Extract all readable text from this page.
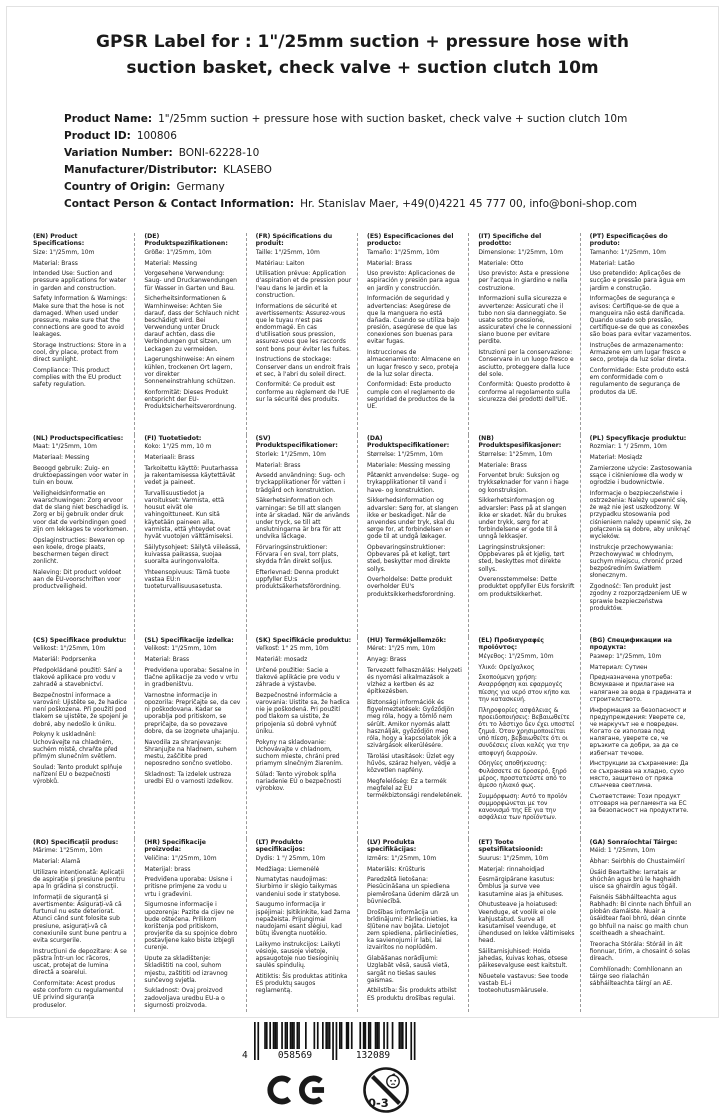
GPSR Label for : 1"/25mm suction + pressure hose with suction basket, check valve + suction clutch 10m
Product Name: 1"/25mm suction + pressure hose with suction basket, check valve + suction clutch 10m
Product ID: 100806
Variation Number: BONI-62228-10
Manufacturer/Distributor: KLASEBO
Country of Origin: Germany
Contact Person & Contact Information: Hr. Stanislav Maer, +49(0)4221 45 777 00, info@boni-shop.com
(EN) Product Specifications:

Size: 1"/25mm, 10m

Material: Brass

Intended Use: Suction and pressure applications for water in garden and construction.

Safety Information & Warnings: Make sure that the hose is not damaged. When used under pressure, make sure that the connections are good to avoid leakages.

Storage Instructions: Store in a cool, dry place, protect from direct sunlight.

Compliance: This product complies with the EU product safety regulation.

(DE) Produktspezifikationen:

Größe: 1"/25mm, 10m

Material: Messing

Vorgesehene Verwendung: Saug- und Druckanwendungen für Wasser in Garten und Bau.

Sicherheitsinformationen & Warnhinweise: Achten Sie darauf, dass der Schlauch nicht beschädigt wird. Bei Verwendung unter Druck darauf achten, dass die Verbindungen gut sitzen, um Leckagen zu vermeiden.

Lagerungshinweise: An einem kühlen, trockenen Ort lagern, vor direkter Sonneneinstrahlung schützen.

Konformität: Dieses Produkt entspricht der EU-Produktsicherheitsverordnung.

(FR) Spécifications du produit:

Taille: 1"/25mm, 10m

Matériau: Laiton

Utilisation prévue: Application d'aspiration et de pression pour l'eau dans le jardin et la construction.

Informations de sécurité et avertissements: Assurez-vous que le tuyau n'est pas endommagé. En cas d'utilisation sous pression, assurez-vous que les raccords sont bons pour éviter les fuites.

Instructions de stockage: Conserver dans un endroit frais et sec, à l'abri du soleil direct.

Conformité: Ce produit est conforme au règlement de l'UE sur la sécurité des produits.

(ES) Especificaciones del producto:

Tamaño: 1"/25mm, 10m

Material: Brass

Uso previsto: Aplicaciones de aspiración y presión para agua en jardín y construcción.

Información de seguridad y advertencias: Asegúrese de que la manguera no está dañada. Cuando se utiliza bajo presión, asegúrese de que las conexiones son buenas para evitar fugas.

Instrucciones de almacenamiento: Almacene en un lugar fresco y seco, proteja de la luz solar directa.

Conformidad: Este producto cumple con el reglamento de seguridad de productos de la UE.

(IT) Specifiche del prodotto:

Dimensione: 1"/25mm, 10m

Materiale: Otto

Uso previsto: Asta e pressione per l'acqua in giardino e nella costruzione.

Informazioni sulla sicurezza e avvertenze: Assicurati che il tubo non sia danneggiato. Se usate sotto pressione, assicuratevi che le connessioni siano buone per evitare perdite.

Istruzioni per la conservazione: Conservare in un luogo fresco e asciutto, proteggere dalla luce del sole.

Conformità: Questo prodotto è conforme al regolamento sulla sicurezza dei prodotti dell'UE.

(PT) Especificações do produto:

Tamanho: 1"/25mm, 10m

Material: Latão

Uso pretendido: Aplicações de sucção e pressão para água em jardim e construção.

Informações de segurança e avisos: Certifique-se de que a mangueira não está danificada. Quando usado sob pressão, certifique-se de que as conexões são boas para evitar vazamentos.

Instruções de armazenamento: Armazene em um lugar fresco e seco, proteja da luz solar direta.

Conformidade: Este produto está em conformidade com o regulamento de segurança de produtos da UE.

(NL) Productspecificaties:

Maat: 1"/25mm, 10m

Materiaal: Messing

Beoogd gebruik: Zuig- en druktoepassingen voor water in tuin en bouw.

Veiligheidsinformatie en waarschuwingen: Zorg ervoor dat de slang niet beschadigd is. Zorg er bij gebruik onder druk voor dat de verbindingen goed zijn om lekkages te voorkomen.

Opslaginstructies: Bewaren op een koele, droge plaats, beschermen tegen direct zonlicht.

Naleving: Dit product voldoet aan de EU-voorschriften voor productveiligheid.

(FI) Tuotetiedot:

Koko: 1"/25 mm, 10 m

Materiaali: Brass

Tarkoitettu käyttö: Puutarhassa ja rakentamisessa käytettävät vedet ja paineet.

Turvallisuustiedot ja varoitukset: Varmista, että housut eivät ole vahingoittuneet. Kun sitä käytetään paineen alla, varmista, että yhteydet ovat hyvät vuotojen välttämiseksi.

Säilytysohjeet: Säilytä viileässä, kuivassa paikassa, suojaa suoralta auringonvalolta.

Yhteensopivuus: Tämä tuote vastaa EU:n tuoteturvallisuusasetusta.

(SV) Produktspecifikationer:

Storlek: 1"/25mm, 10m

Material: Brass

Avsedd användning: Sug- och tryckapplikationer för vatten i trädgård och konstruktion.

Säkerhetsinformation och varningar: Se till att slangen inte är skadad. När de används under tryck, se till att anslutningarna är bra för att undvika läckage.

Förvaringsinstruktioner: Förvara i en sval, torr plats, skydda från direkt solljus.

Efterlevnad: Denna produkt uppfyller EU:s produktsäkerhetsförordning.

(DA) Produktspecifikationer:

Størrelse: 1"/25mm, 10m

Materiale: Messing messing

Påtænkt anvendelse: Suge- og trykapplikationer til vand i have- og konstruktion.

Sikkerhedsinformation og advarsler: Sørg for, at slangen ikke er beskadiget. Når de anvendes under tryk, skal du sørge for, at forbindelsen er gode til at undgå lækager.

Opbevaringsinstruktioner: Opbevares på et køligt, tørt sted, beskytter mod direkte sollys.

Overholdelse: Dette produkt overholder EU's produktsikkerhedsforordning.

(NB) Produktspesifikasjoner:

Størrelse: 1"25mm, 10m

Materiale: Brass

Forventet bruk: Suksjon og trykksøknader for vann i hage og konstruksjon.

Sikkerhetsinformasjon og advarsler: Pass på at slangen ikke er skadet. Når du brukes under trykk, sørg for at forbindelsene er gode til å unngå lekkasjer.

Lagringsinstruksjoner: Oppbevares på et kjølig, tørt sted, beskyttes mot direkte sollys.

Overensstemmelse: Dette produktet oppfyller EUs forskrift om produktsikkerhet.

(PL) Specyfikacje produktu:

Rozmiar: 1 "/ 25mm, 10m

Materiał: Mosiądz

Zamierzone użycie: Zastosowania ssące i ciśnieniowe dla wody w ogrodzie i budownictwie.

Informacje o bezpieczeństwie i ostrzeżenia: Należy upewnić się, że wąż nie jest uszkodzony. W przypadku stosowania pod ciśnieniem należy upewnić się, że połączenia są dobre, aby uniknąć wycieków.

Instrukcje przechowywania: Przechowywać w chłodnym, suchym miejscu, chronić przed bezpośrednim światłem słonecznym.

Zgodność: Ten produkt jest zgodny z rozporządzeniem UE w sprawie bezpieczeństwa produktów.

(CS) Specifikace produktu:

Velikost: 1"/25mm, 10m

Materiál: Podprsenka

Předpokládané použití: Sání a tlakové aplikace pro vodu v zahradě a stavebnictví.

Bezpečnostní informace a varování: Ujistěte se, že hadice není poškozena. Při použití pod tlakem se ujistěte, že spojení je dobré, aby nedošlo k úniku.

Pokyny k uskladnění: Uchovávejte na chladném, suchém místě, chraňte před přímým slunečním světlem.

Soulad: Tento produkt splňuje nařízení EU o bezpečnosti výrobků.

(SL) Specifikacije izdelka:

Velikost: 1"/25mm, 10m

Material: Brass

Predvidena uporaba: Sesalne in tlačne aplikacije za vodo v vrtu in gradbeništvu.

Varnostne informacije in opozorila: Prepričajte se, da cev ni poškodovana. Kadar se uporablja pod pritiskom, se prepričajte, da so povezave dobre, da se izognete uhajanju.

Navodila za shranjevanje: Shranjujte na hladnem, suhem mestu, zaščitite pred neposredno sončno svetlobo.

Skladnost: Ta izdelek ustreza uredbi EU o varnosti izdelkov.

(SK) Špecifikácie produktu:

Veľkosť: 1" 25 mm, 10m

Materiál: mosadz

Určené použitie: Sacie a tlakové aplikácie pre vodu v záhrade a výstavbe.

Bezpečnostné informácie a varovania: Uistite sa, že hadica nie je poškodená. Pri použití pod tlakom sa uistite, že pripojenia sú dobré vyhnúť úniku.

Pokyny na skladovanie: Uchovávajte v chladnom, suchom mieste, chráni pred priamym slnečným žiarením.

Súlad: Tento výrobok spĺňa nariadenie EÚ o bezpečnosti výrobkov.

(HU) Termékjellemzők:

Méret: 1"/25 mm, 10m

Anyag: Brass

Tervezett felhasználás: Helyzeti és nyomási alkalmazások a vízhez a kertben és az építkezésben.

Biztonsági információk és figyelmeztetések: Győződjön meg róla, hogy a tömlő nem sérült. Amikor nyomás alatt használják, győződjön meg róla, hogy a kapcsolatok jók a szivárgások elkerülésére.

Tárolási utasítások: Üzlet egy hűvös, száraz helyen, védje a közvetlen napfény.

Megfelelőség: Ez a termék megfelel az EU termékbiztonsági rendeletének.

(EL) Προδιαγραφές προϊόντος:

Μέγεθος: 1"/25mm, 10m

Υλικό: Ορείχαλκος

Σκοπούμενη χρήση: Αναρρόφηση και εφαρμογές πίεσης για νερό στον κήπο και την κατασκευή.

Πληροφορίες ασφάλειας & προειδοποιήσεις: Βεβαιωθείτε ότι το λάστιχο δεν έχει υποστεί ζημιά. Όταν χρησιμοποιείται υπό πίεση, βεβαιωθείτε ότι οι συνδέσεις είναι καλές για την αποφυγή διαρροών.

Οδηγίες αποθήκευσης: Φυλάσσετε σε δροσερό, ξηρό μέρος, προστατεύστε από το άμεσο ηλιακό φως.

Συμμόρφωση: Αυτό το προϊόν συμμορφώνεται με τον κανονισμό της ΕΕ για την ασφάλεια των προϊόντων.

(BG) Спецификации на продукта:

Размер: 1"/25mm, 10m

Материал: Сутиен

Предназначена употреба: Всмукване и прилагане на налягане за вода в градината и строителството.

Информация за безопасност и предупреждения: Уверете се, че маркучът не е повреден. Когато се използва под налягане, уверете се, че връзките са добри, за да се избегнат течове.

Инструкции за съхранение: Да се съхранява на хладно, сухо място, защитено от пряка слънчева светлина.

Съответствие: Този продукт отговаря на регламента на ЕС за безопасност на продуктите.

(RO) Specificații produs:

Mărime: 1"25mm, 10m

Material: Alamă

Utilizare intenționată: Aplicații de aspirație și presiune pentru apa în grădina și construcții.

Informații de siguranță și avertismente: Asigurați-vă că furtunul nu este deteriorat. Atunci când sunt folosite sub presiune, asigurați-vă că conexiunile sunt bune pentru a evita scurgerile.

Instrucțiuni de depozitare: A se păstra într-un loc răcoros, uscat, protejat de lumina directă a soarelui.

Conformitate: Acest produs este conform cu regulamentul UE privind siguranța produselor.

(HR) Specifikacije proizvoda:

Veličina: 1"/25mm, 10m

Materijal: brass

Predviđena uporaba: Usisne i pritisne primjene za vodu u vrtu i građevini.

Sigurnosne informacije i upozorenja: Pazite da cijev ne bude oštećena. Prilikom korištenja pod pritiskom, provjerite da su spojnice dobro postavljene kako biste izbjegli curenje.

Upute za skladištenje: Skladištiti na cool, suhom mjestu, zaštititi od izravnog sunčevog svjetla.

Sukladnost: Ovaj proizvod zadovoljava uredbu EU-a o sigurnosti proizvoda.

(LT) Produkto specifikacijos:

Dydis: 1 "/ 25mm, 10m

Medžiaga: Liemenėlė

Numatytas naudojimas: Siurbimo ir slėgio taikymas vandeniui sode ir statybose.

Saugumo informacija ir įspėjimai: Įsitikinkite, kad žarna nepažeista. Prijungimai naudojami esant slėgiui, kad būtų išvengta nuotėkio.

Laikymo instrukcijos: Laikyti vėsioje, sausoje vietoje, apsaugotoje nuo tiesioginių saulės spindulių.

Atitiktis: Šis produktas atitinka ES produktų saugos reglamentą.

(LV) Produkta specifikācijas:

Izmērs: 1"/25mm, 10m

Materiāls: Krūšturis

Paredzētā lietošana: Piesūcināšana un spiediena piemērošana ūdenim dārzā un būvniecībā.

Drošības informācija un brīdinājumi: Pārliecinieties, ka šļūtene nav bojāta. Lietojot zem spiediena, pārliecinieties, ka savienojumi ir labi, lai izvairītos no noplūdēm.

Glabāšanas norādījumi: Uzglabāt vēsā, sausā vietā, sargāt no tiešas saules gaismas.

Atbilstība: Šis produkts atbilst ES produktu drošības regulai.

(ET) Toote spetsifikatsioonid:

Suurus: 1"/25mm, 10m

Materjal: rinnahoidjad

Eesmärgipärane kasutus: Õmblus ja surve vee kasutamine aias ja ehituses.

Ohutusteave ja hoiatused: Veenduge, et voolik ei ole kahjustatud. Surve all kasutamisel veenduge, et ühendused on lekke vältimiseks head.

Säilitamisjuhised: Hoida jahedas, kuivas kohas, otsese päikesevalguse eest kaitstult.

Nõuetele vastavus: See toode vastab EL-i tooteohutusmäärusele.

(GA) Sonraíochtaí Táirge:

Méid: 1 "/25mm, 10m

Ábhar: Seirbhís do Chustaiméirí

Úsáid Beartaithe: Iarratais ar shúchán agus brú le haghaidh uisce sa ghairdín agus tógáil.

Faisnéis Sábháilteachta agus Rabhadh: Bí cinnte nach bhfuil an píobán damáiste. Nuair a úsáidtear faoi bhrú, déan cinnte go bhfuil na naisc go maith chun sceitheadh a sheachaint.

Treoracha Stórála: Stóráil in áit fionnuar, tirim, a chosaint ó solas díreach.

Comhlíonadh: Comhlíonann an táirge seo rialachán sábháilteachta táirgí an AE.

4	058569	132089
0-3
